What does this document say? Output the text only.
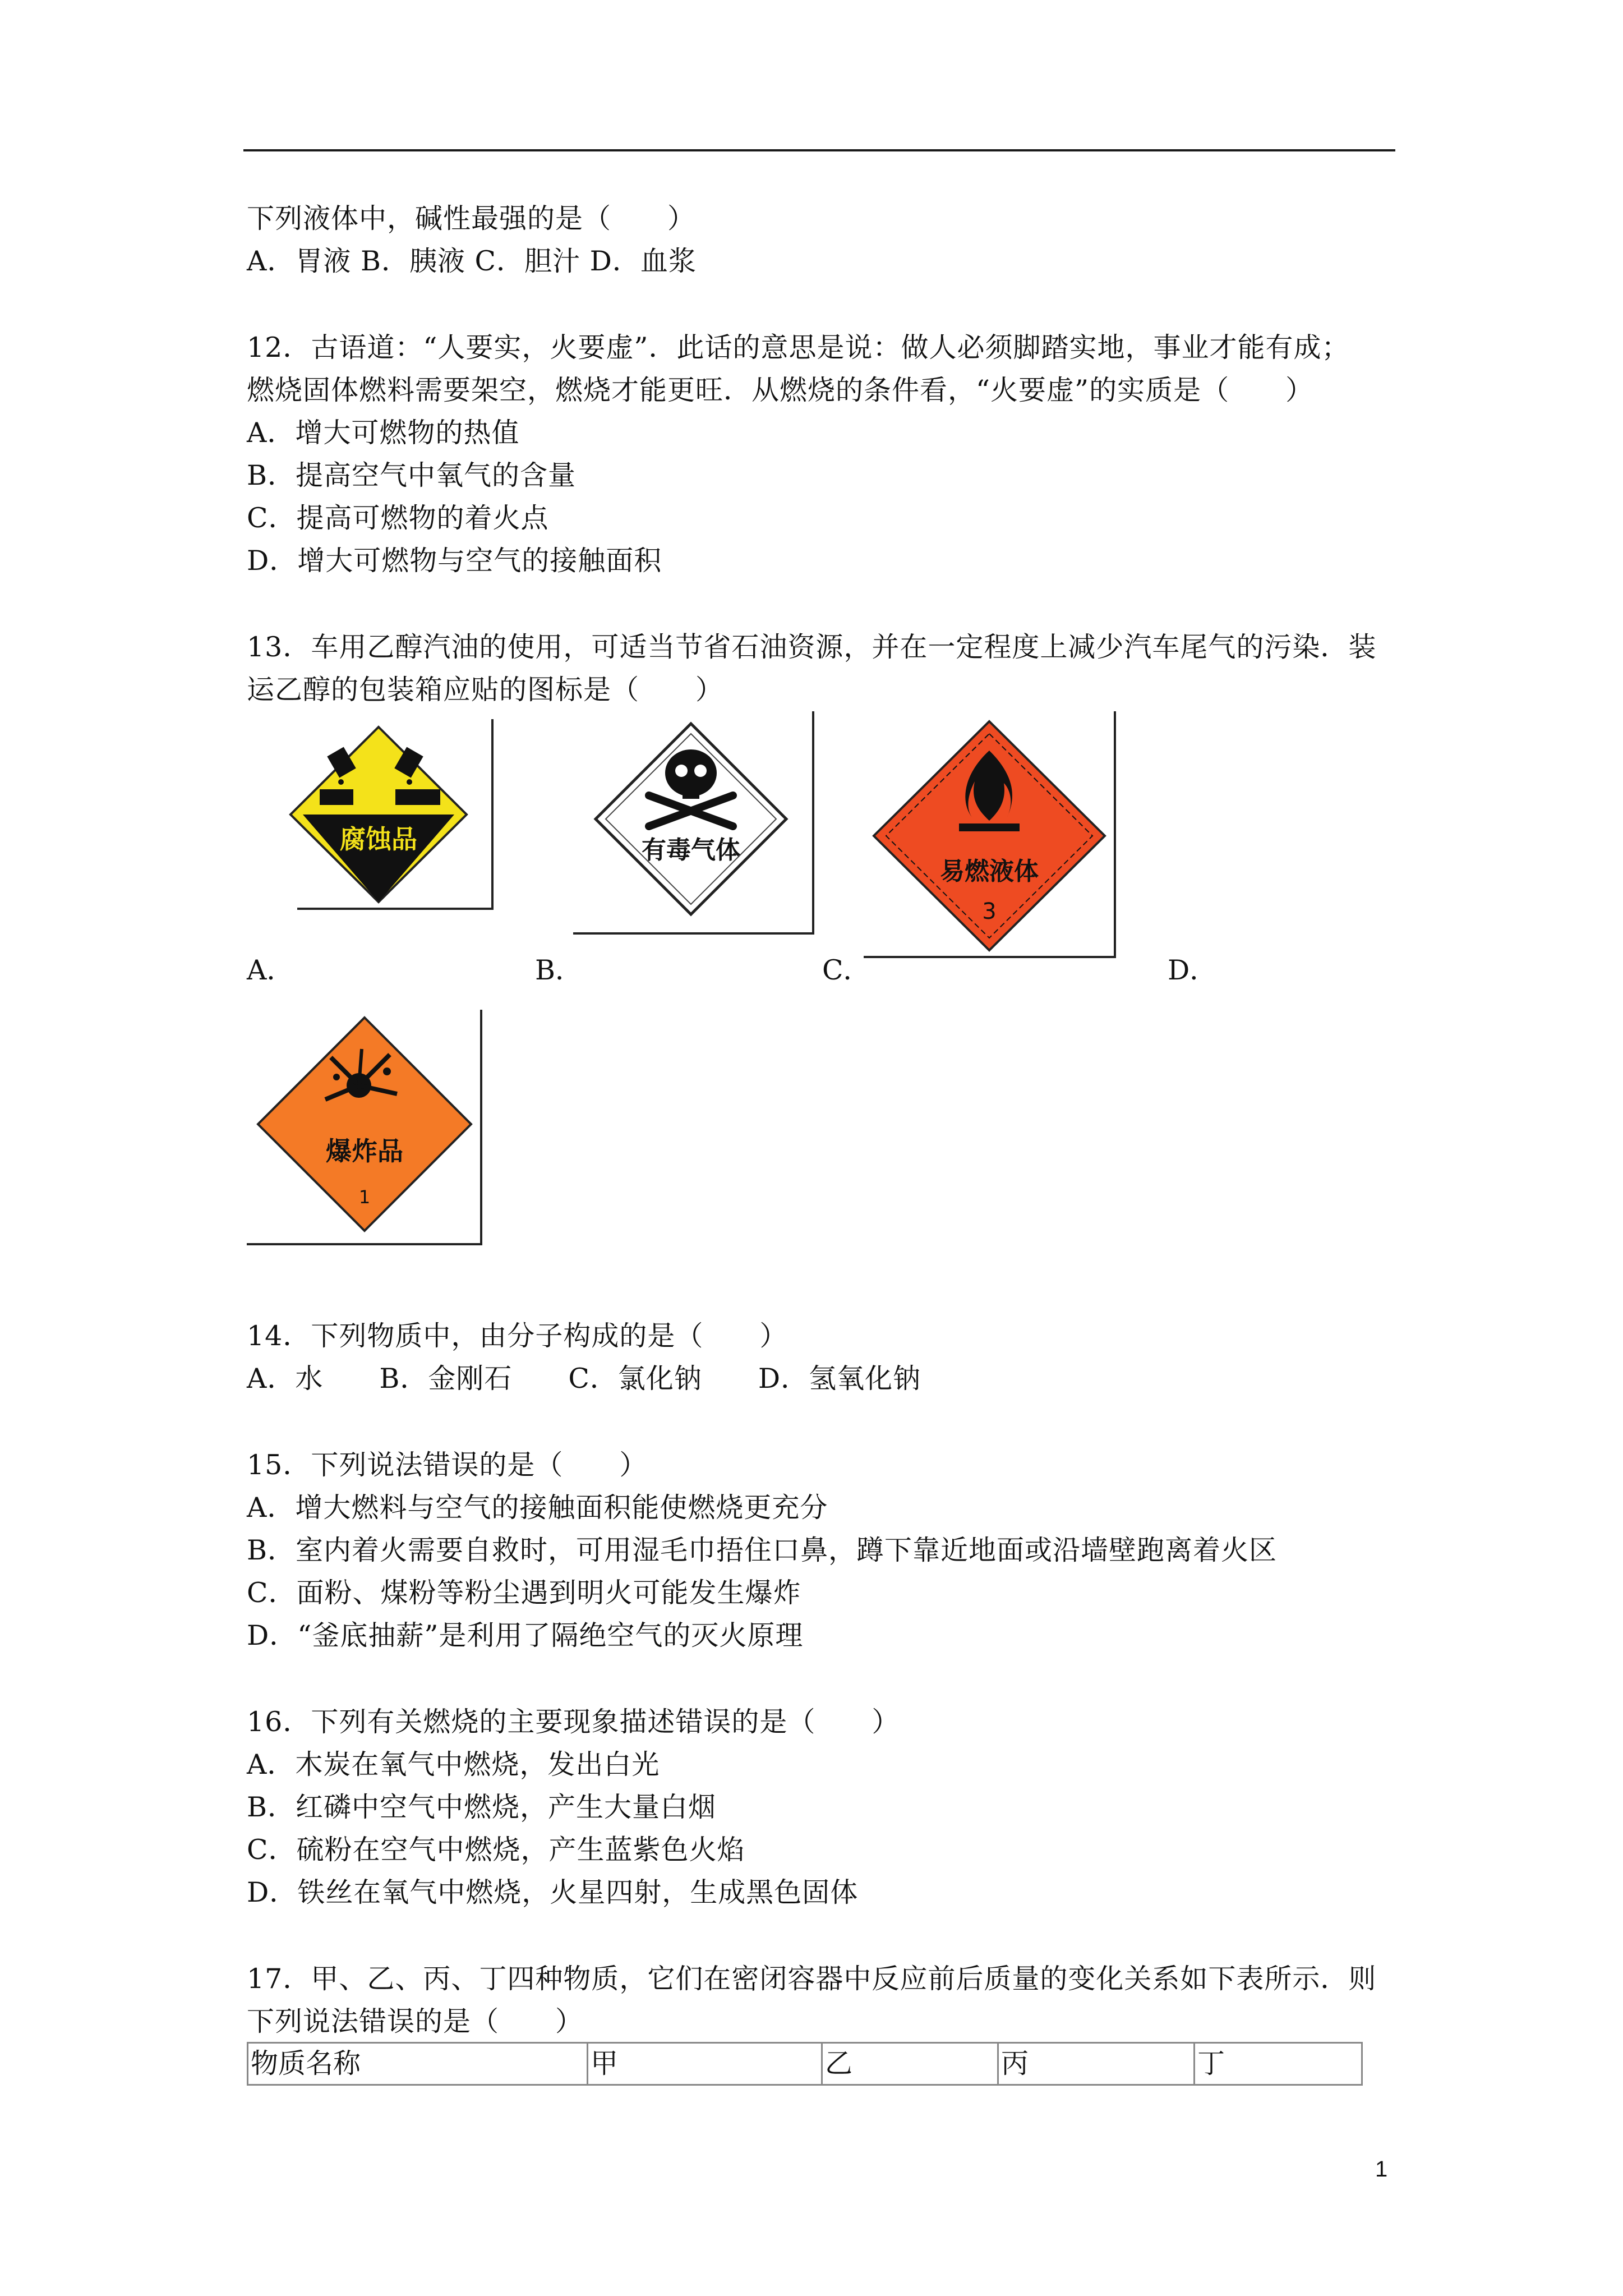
下列液体中，碱性最强的是（　　）
A．胃液 B．胰液 C．胆汁 D．血浆
12．古语道：“人要实，火要虚”．此话的意思是说：做人必须脚踏实地，事业才能有成；
燃烧固体燃料需要架空，燃烧才能更旺．从燃烧的条件看，“火要虚”的实质是（　　）
A．增大可燃物的热值
B．提高空气中氧气的含量
C．提高可燃物的着火点
D．增大可燃物与空气的接触面积
13．车用乙醇汽油的使用，可适当节省石油资源，并在一定程度上减少汽车尾气的污染．装
运乙醇的包装箱应贴的图标是（　　）
腐蚀品	有毒气体
易燃液体
3
A．	B．	C．	D．
爆炸品
1
14．下列物质中，由分子构成的是（　　）
A．水　　B．金刚石　　C．氯化钠　　D．氢氧化钠
15．下列说法错误的是（　　）
A．增大燃料与空气的接触面积能使燃烧更充分
B．室内着火需要自救时，可用湿毛巾捂住口鼻，蹲下靠近地面或沿墙壁跑离着火区
C．面粉、煤粉等粉尘遇到明火可能发生爆炸
D．“釜底抽薪”是利用了隔绝空气的灭火原理
16．下列有关燃烧的主要现象描述错误的是（　　）
A．木炭在氧气中燃烧，发出白光
B．红磷中空气中燃烧，产生大量白烟
C．硫粉在空气中燃烧，产生蓝紫色火焰
D．铁丝在氧气中燃烧，火星四射，生成黑色固体
17．甲、乙、丙、丁四种物质，它们在密闭容器中反应前后质量的变化关系如下表所示．则
下列说法错误的是（　　）
物质名称	甲	乙	丙	丁
1
